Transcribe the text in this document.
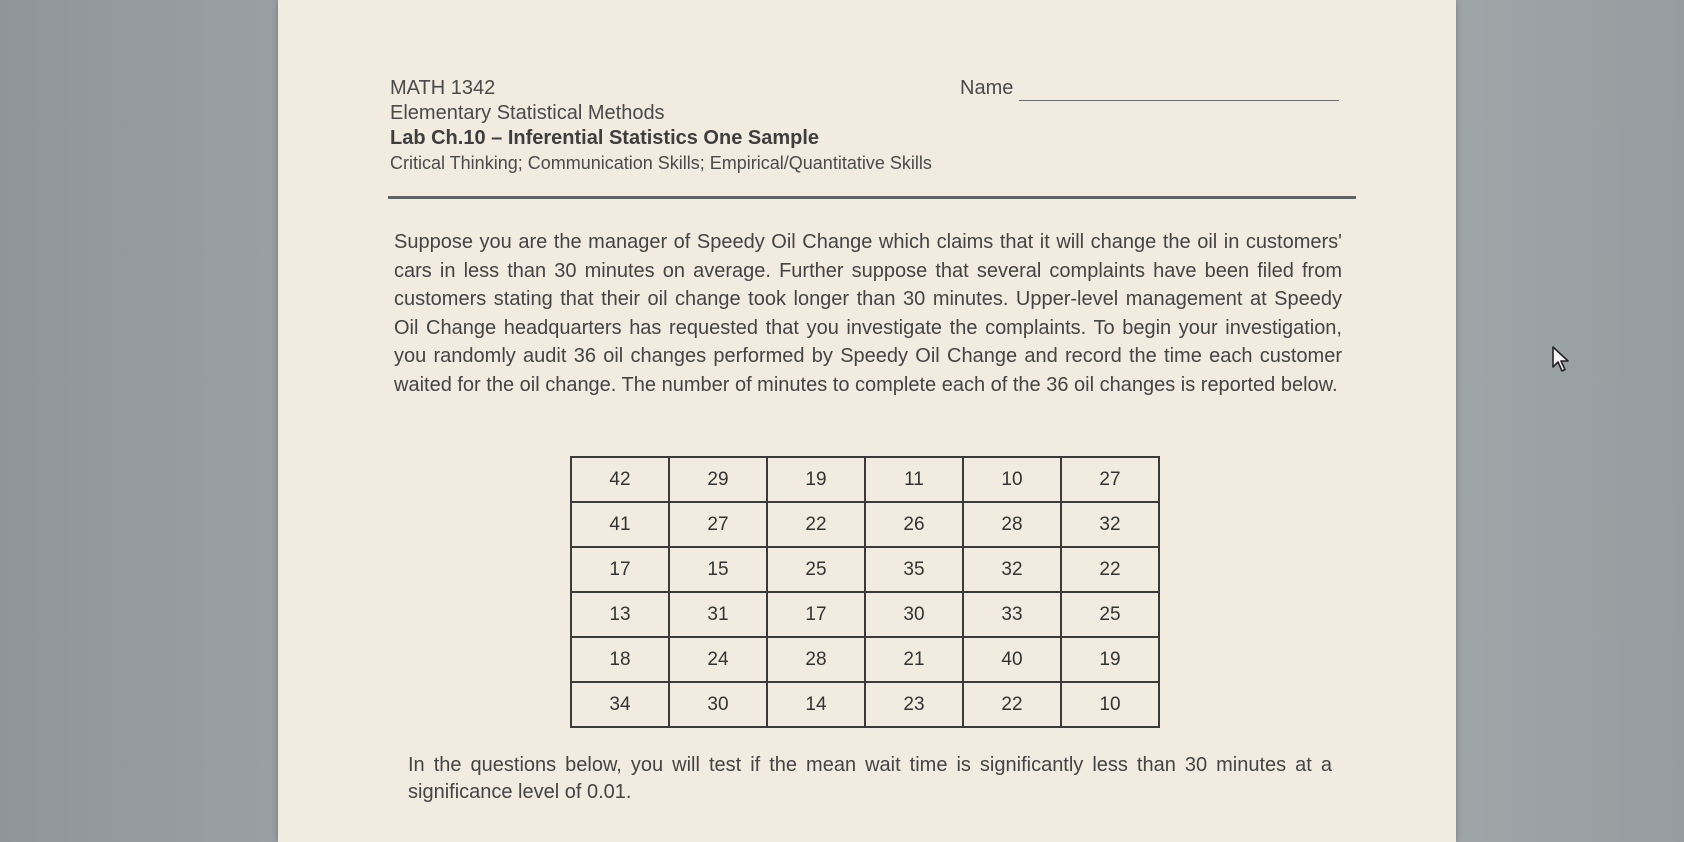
MATH 1342
Elementary Statistical Methods
Lab Ch.10 – Inferential Statistics One Sample
Critical Thinking; Communication Skills; Empirical/Quantitative Skills
Name
Suppose you are the manager of Speedy Oil Change which claims that it will change the oil in customers' cars in less than 30 minutes on average. Further suppose that several complaints have been filed from customers stating that their oil change took longer than 30 minutes. Upper-level management at Speedy Oil Change headquarters has requested that you investigate the complaints. To begin your investigation, you randomly audit 36 oil changes performed by Speedy Oil Change and record the time each customer waited for the oil change. The number of minutes to complete each of the 36 oil changes is reported below.
42	29	19	11	10	27
41	27	22	26	28	32
17	15	25	35	32	22
13	31	17	30	33	25
18	24	28	21	40	19
34	30	14	23	22	10
In the questions below, you will test if the mean wait time is significantly less than 30 minutes at a significance level of 0.01.
